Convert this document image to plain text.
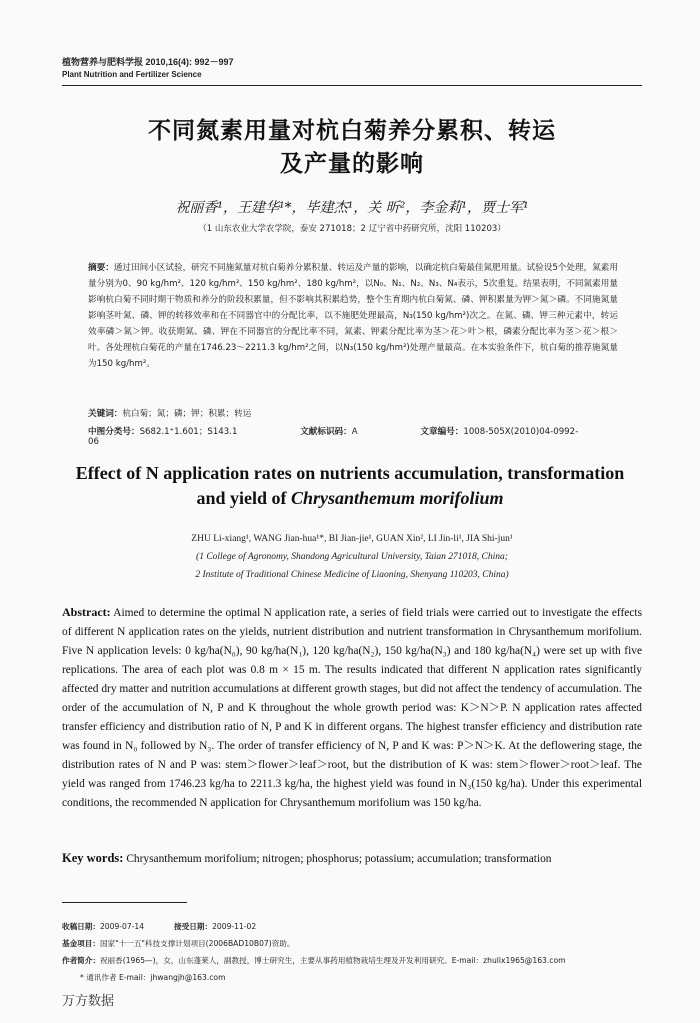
植物营养与肥料学报 2010,16(4): 992－997
Plant Nutrition and Fertilizer Science
不同氮素用量对杭白菊养分累积、转运
及产量的影响
祝丽香¹，王建华¹*，毕建杰¹，关 昕²，李金莉¹，贾士军¹
（1 山东农业大学农学院，泰安 271018；2 辽宁省中药研究所，沈阳 110203）
摘要：通过田间小区试验，研究不同施氮量对杭白菊养分累积量、转运及产量的影响，以确定杭白菊最佳氮肥用量。试验设5个处理，氮素用量分别为0、90 kg/hm²、120 kg/hm²、150 kg/hm²、180 kg/hm²，以N₀、N₁、N₂、N₃、N₄表示，5次重复。结果表明，不同氮素用量影响杭白菊不同时期干物质和养分的阶段积累量，但不影响其积累趋势，整个生育期内杭白菊氮、磷、钾积累量为钾＞氮＞磷。不同施氮量影响茎叶氮、磷、钾的转移效率和在不同器官中的分配比率，以不施肥处理最高，N₃(150 kg/hm²)次之。在氮、磷、钾三种元素中，转运效率磷＞氮＞钾。收获期氮、磷、钾在不同器官的分配比率不同，氮素、钾素分配比率为茎＞花＞叶＞根，磷素分配比率为茎＞花＞根＞叶。各处理杭白菊花的产量在1746.23～2211.3 kg/hm²之间，以N₃(150 kg/hm²)处理产量最高。在本实验条件下，杭白菊的推荐施氮量为150 kg/hm²。
关键词：杭白菊；氮；磷；钾；积累；转运
中图分类号：S682.1⁺1.601；S143.1	文献标识码：A	文章编号：1008-505X(2010)04-0992-06
Effect of N application rates on nutrients accumulation, transformation
and yield of Chrysanthemum morifolium
ZHU Li-xiang¹, WANG Jian-hua¹*, BI Jian-jie¹, GUAN Xin², LI Jin-li¹, JIA Shi-jun¹
(1 College of Agronomy, Shandong Agricultural University, Taian 271018, China;
2 Institute of Traditional Chinese Medicine of Liaoning, Shenyang 110203, China)
Abstract: Aimed to determine the optimal N application rate, a series of field trials were carried out to investigate the effects of different N application rates on the yields, nutrient distribution and nutrient transformation in Chrysanthemum morifolium. Five N application levels: 0 kg/ha(N₀), 90 kg/ha(N₁), 120 kg/ha(N₂), 150 kg/ha(N₃) and 180 kg/ha(N₄) were set up with five replications. The area of each plot was 0.8 m × 15 m. The results indicated that different N application rates significantly affected dry matter and nutrition accumulations at different growth stages, but did not affect the tendency of accumulation. The order of the accumulation of N, P and K throughout the whole growth period was: K＞N＞P. N application rates affected transfer efficiency and distribution ratio of N, P and K in different organs. The highest transfer efficiency and distribution rate was found in N₀ followed by N₃. The order of transfer efficiency of N, P and K was: P＞N＞K. At the deflowering stage, the distribution rates of N and P was: stem＞flower＞leaf＞root, but the distribution of K was: stem＞flower＞root＞leaf. The yield was ranged from 1746.23 kg/ha to 2211.3 kg/ha, the highest yield was found in N₃(150 kg/ha). Under this experimental conditions, the recommended N application for Chrysanthemum morifolium was 150 kg/ha.
Key words: Chrysanthemum morifolium; nitrogen; phosphorus; potassium; accumulation; transformation
收稿日期：2009-07-14	接受日期：2009-11-02
基金项目：国家"十一五"科技支撑计划项目(2006BAD10B07)资助。
作者简介：祝丽香(1965—)，女，山东蓬莱人，副教授，博士研究生，主要从事药用植物栽培生理及开发利用研究。E-mail：zhulix1965@163.com
* 通讯作者 E-mail：jhwangjh@163.com
万方数据
